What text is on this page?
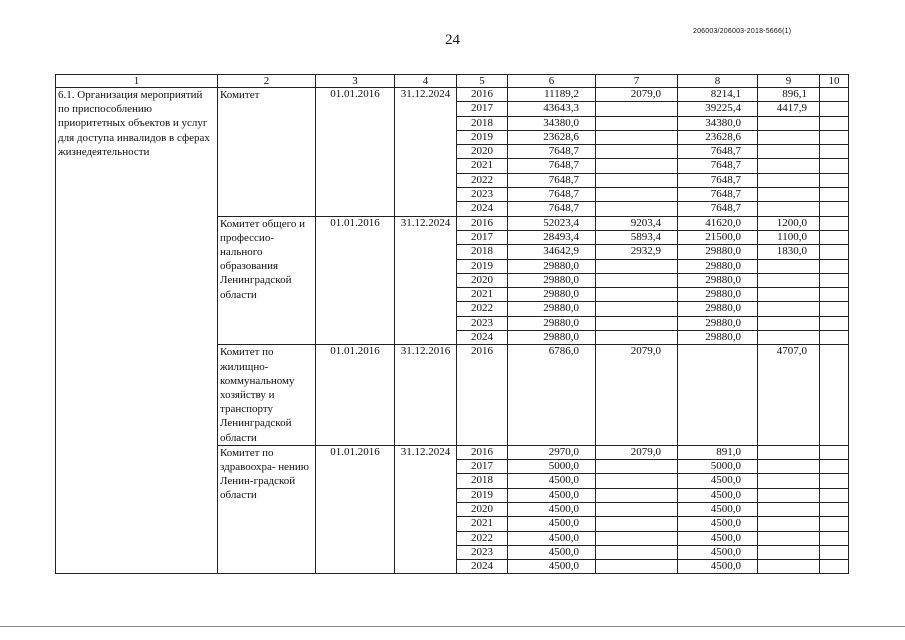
24
206003/206003-2018-5666(1)
1	2	3	4	5	6	7	8	9	10
6.1. Организация мероприятий по приспособлению приоритетных объектов и услуг для доступа инвалидов в сферах жизнедеятельности	Комитет	01.01.2016	31.12.2024	2016	11189,2	2079,0	8214,1	896,1	
				2017	43643,3		39225,4	4417,9	
				2018	34380,0		34380,0		
				2019	23628,6		23628,6		
				2020	7648,7		7648,7		
				2021	7648,7		7648,7		
				2022	7648,7		7648,7		
				2023	7648,7		7648,7		
				2024	7648,7		7648,7		
	Комитет общего и профессио- нального образования Ленинградской области	01.01.2016	31.12.2024	2016	52023,4	9203,4	41620,0	1200,0	
				2017	28493,4	5893,4	21500,0	1100,0	
				2018	34642,9	2932,9	29880,0	1830,0	
				2019	29880,0		29880,0		
				2020	29880,0		29880,0		
				2021	29880,0		29880,0		
				2022	29880,0		29880,0		
				2023	29880,0		29880,0		
				2024	29880,0		29880,0		
	Комитет по жилищно- коммунальному хозяйству и транспорту Ленинградской области	01.01.2016	31.12.2016	2016	6786,0	2079,0		4707,0	
	Комитет по здравоохра- нению Ленин-градской области	01.01.2016	31.12.2024	2016	2970,0	2079,0	891,0		
				2017	5000,0		5000,0		
				2018	4500,0		4500,0		
				2019	4500,0		4500,0		
				2020	4500,0		4500,0		
				2021	4500,0		4500,0		
				2022	4500,0		4500,0		
				2023	4500,0		4500,0		
				2024	4500,0		4500,0		
